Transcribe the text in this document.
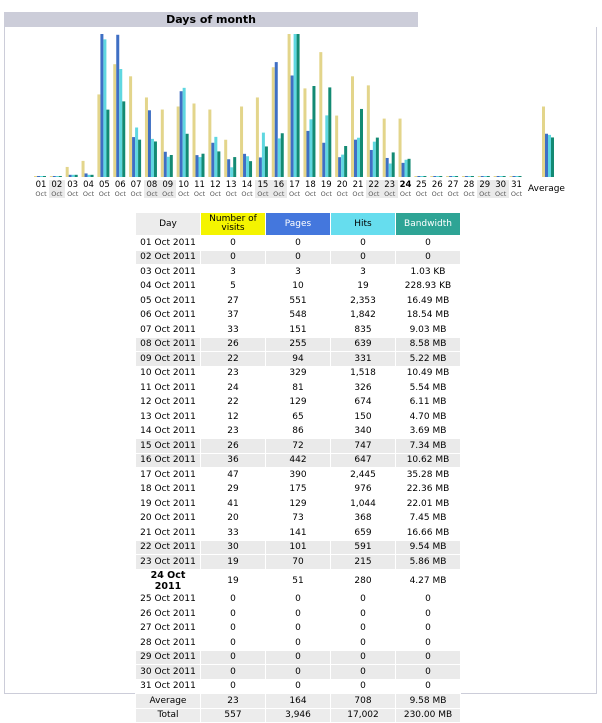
Days of month
01
Oct
02
Oct
03
Oct
04
Oct
05
Oct
06
Oct
07
Oct
08
Oct
09
Oct
10
Oct
11
Oct
12
Oct
13
Oct
14
Oct
15
Oct
16
Oct
17
Oct
18
Oct
19
Oct
20
Oct
21
Oct
22
Oct
23
Oct
24
Oct
25
Oct
26
Oct
27
Oct
28
Oct
29
Oct
30
Oct
31
Oct Average
Day	Number of visits	Pages	Hits	Bandwidth
01 Oct 2011	0	0	0	0
02 Oct 2011	0	0	0	0
03 Oct 2011	3	3	3	1.03 KB
04 Oct 2011	5	10	19	228.93 KB
05 Oct 2011	27	551	2,353	16.49 MB
06 Oct 2011	37	548	1,842	18.54 MB
07 Oct 2011	33	151	835	9.03 MB
08 Oct 2011	26	255	639	8.58 MB
09 Oct 2011	22	94	331	5.22 MB
10 Oct 2011	23	329	1,518	10.49 MB
11 Oct 2011	24	81	326	5.54 MB
12 Oct 2011	22	129	674	6.11 MB
13 Oct 2011	12	65	150	4.70 MB
14 Oct 2011	23	86	340	3.69 MB
15 Oct 2011	26	72	747	7.34 MB
16 Oct 2011	36	442	647	10.62 MB
17 Oct 2011	47	390	2,445	35.28 MB
18 Oct 2011	29	175	976	22.36 MB
19 Oct 2011	41	129	1,044	22.01 MB
20 Oct 2011	20	73	368	7.45 MB
21 Oct 2011	33	141	659	16.66 MB
22 Oct 2011	30	101	591	9.54 MB
23 Oct 2011	19	70	215	5.86 MB
24 Oct 2011	19	51	280	4.27 MB
25 Oct 2011	0	0	0	0
26 Oct 2011	0	0	0	0
27 Oct 2011	0	0	0	0
28 Oct 2011	0	0	0	0
29 Oct 2011	0	0	0	0
30 Oct 2011	0	0	0	0
31 Oct 2011	0	0	0	0
Average	23	164	708	9.58 MB
Total	557	3,946	17,002	230.00 MB
